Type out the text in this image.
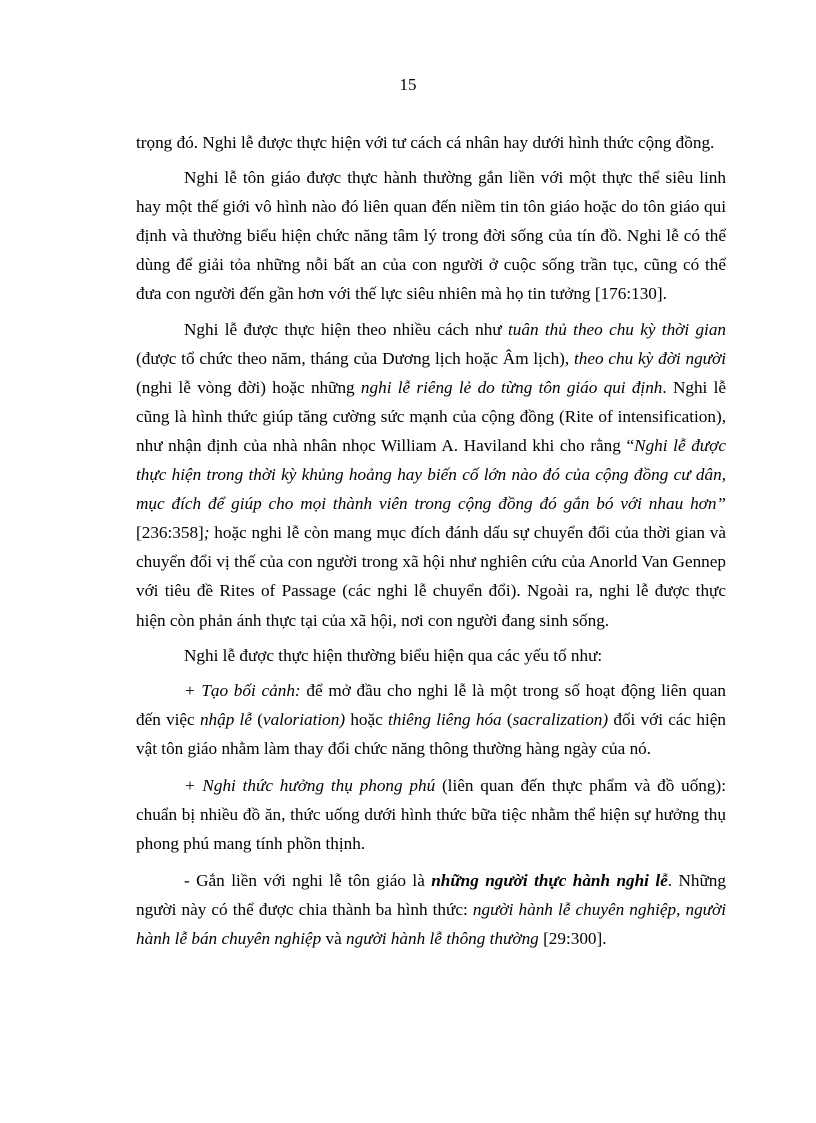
15

trọng đó. Nghi lễ được thực hiện với tư cách cá nhân hay dưới hình thức cộng đồng.

Nghi lễ tôn giáo được thực hành thường gắn liền với một thực thể siêu linh hay một thế giới vô hình nào đó liên quan đến niềm tin tôn giáo hoặc do tôn giáo qui định và thường biểu hiện chức năng tâm lý trong đời sống của tín đồ. Nghi lễ có thể dùng để giải tỏa những nỗi bất an của con người ở cuộc sống trần tục, cũng có thể đưa con người đến gần hơn với thế lực siêu nhiên mà họ tin tưởng [176:130].

Nghi lễ được thực hiện theo nhiều cách như tuân thủ theo chu kỳ thời gian (được tổ chức theo năm, tháng của Dương lịch hoặc Âm lịch), theo chu kỳ đời người (nghi lễ vòng đời) hoặc những nghi lễ riêng lẻ do từng tôn giáo qui định. Nghi lễ cũng là hình thức giúp tăng cường sức mạnh của cộng đồng (Rite of intensification), như nhận định của nhà nhân nhọc William A. Haviland khi cho rằng “Nghi lễ được thực hiện trong thời kỳ khủng hoảng hay biến cố lớn nào đó của cộng đồng cư dân, mục đích để giúp cho mọi thành viên trong cộng đồng đó gắn bó với nhau hơn” [236:358]; hoặc nghi lễ còn mang mục đích đánh dấu sự chuyển đổi của thời gian và chuyển đổi vị thế của con người trong xã hội như nghiên cứu của Anorld Van Gennep với tiêu đề Rites of Passage (các nghi lễ chuyển đổi). Ngoài ra, nghi lễ được thực hiện còn phản ánh thực tại của xã hội, nơi con người đang sinh sống.

Nghi lễ được thực hiện thường biểu hiện qua các yếu tố như:

+ Tạo bối cảnh: để mở đầu cho nghi lễ là một trong số hoạt động liên quan đến việc nhập lễ (valoriation) hoặc thiêng liêng hóa (sacralization) đối với các hiện vật tôn giáo nhằm làm thay đổi chức năng thông thường hàng ngày của nó.

+ Nghi thức hưởng thụ phong phú (liên quan đến thực phẩm và đồ uống): chuẩn bị nhiều đồ ăn, thức uống dưới hình thức bữa tiệc nhằm thể hiện sự hưởng thụ phong phú mang tính phồn thịnh.

- Gắn liền với nghi lễ tôn giáo là những người thực hành nghi lễ. Những người này có thể được chia thành ba hình thức: người hành lễ chuyên nghiệp, người hành lễ bán chuyên nghiệp và người hành lễ thông thường [29:300].
